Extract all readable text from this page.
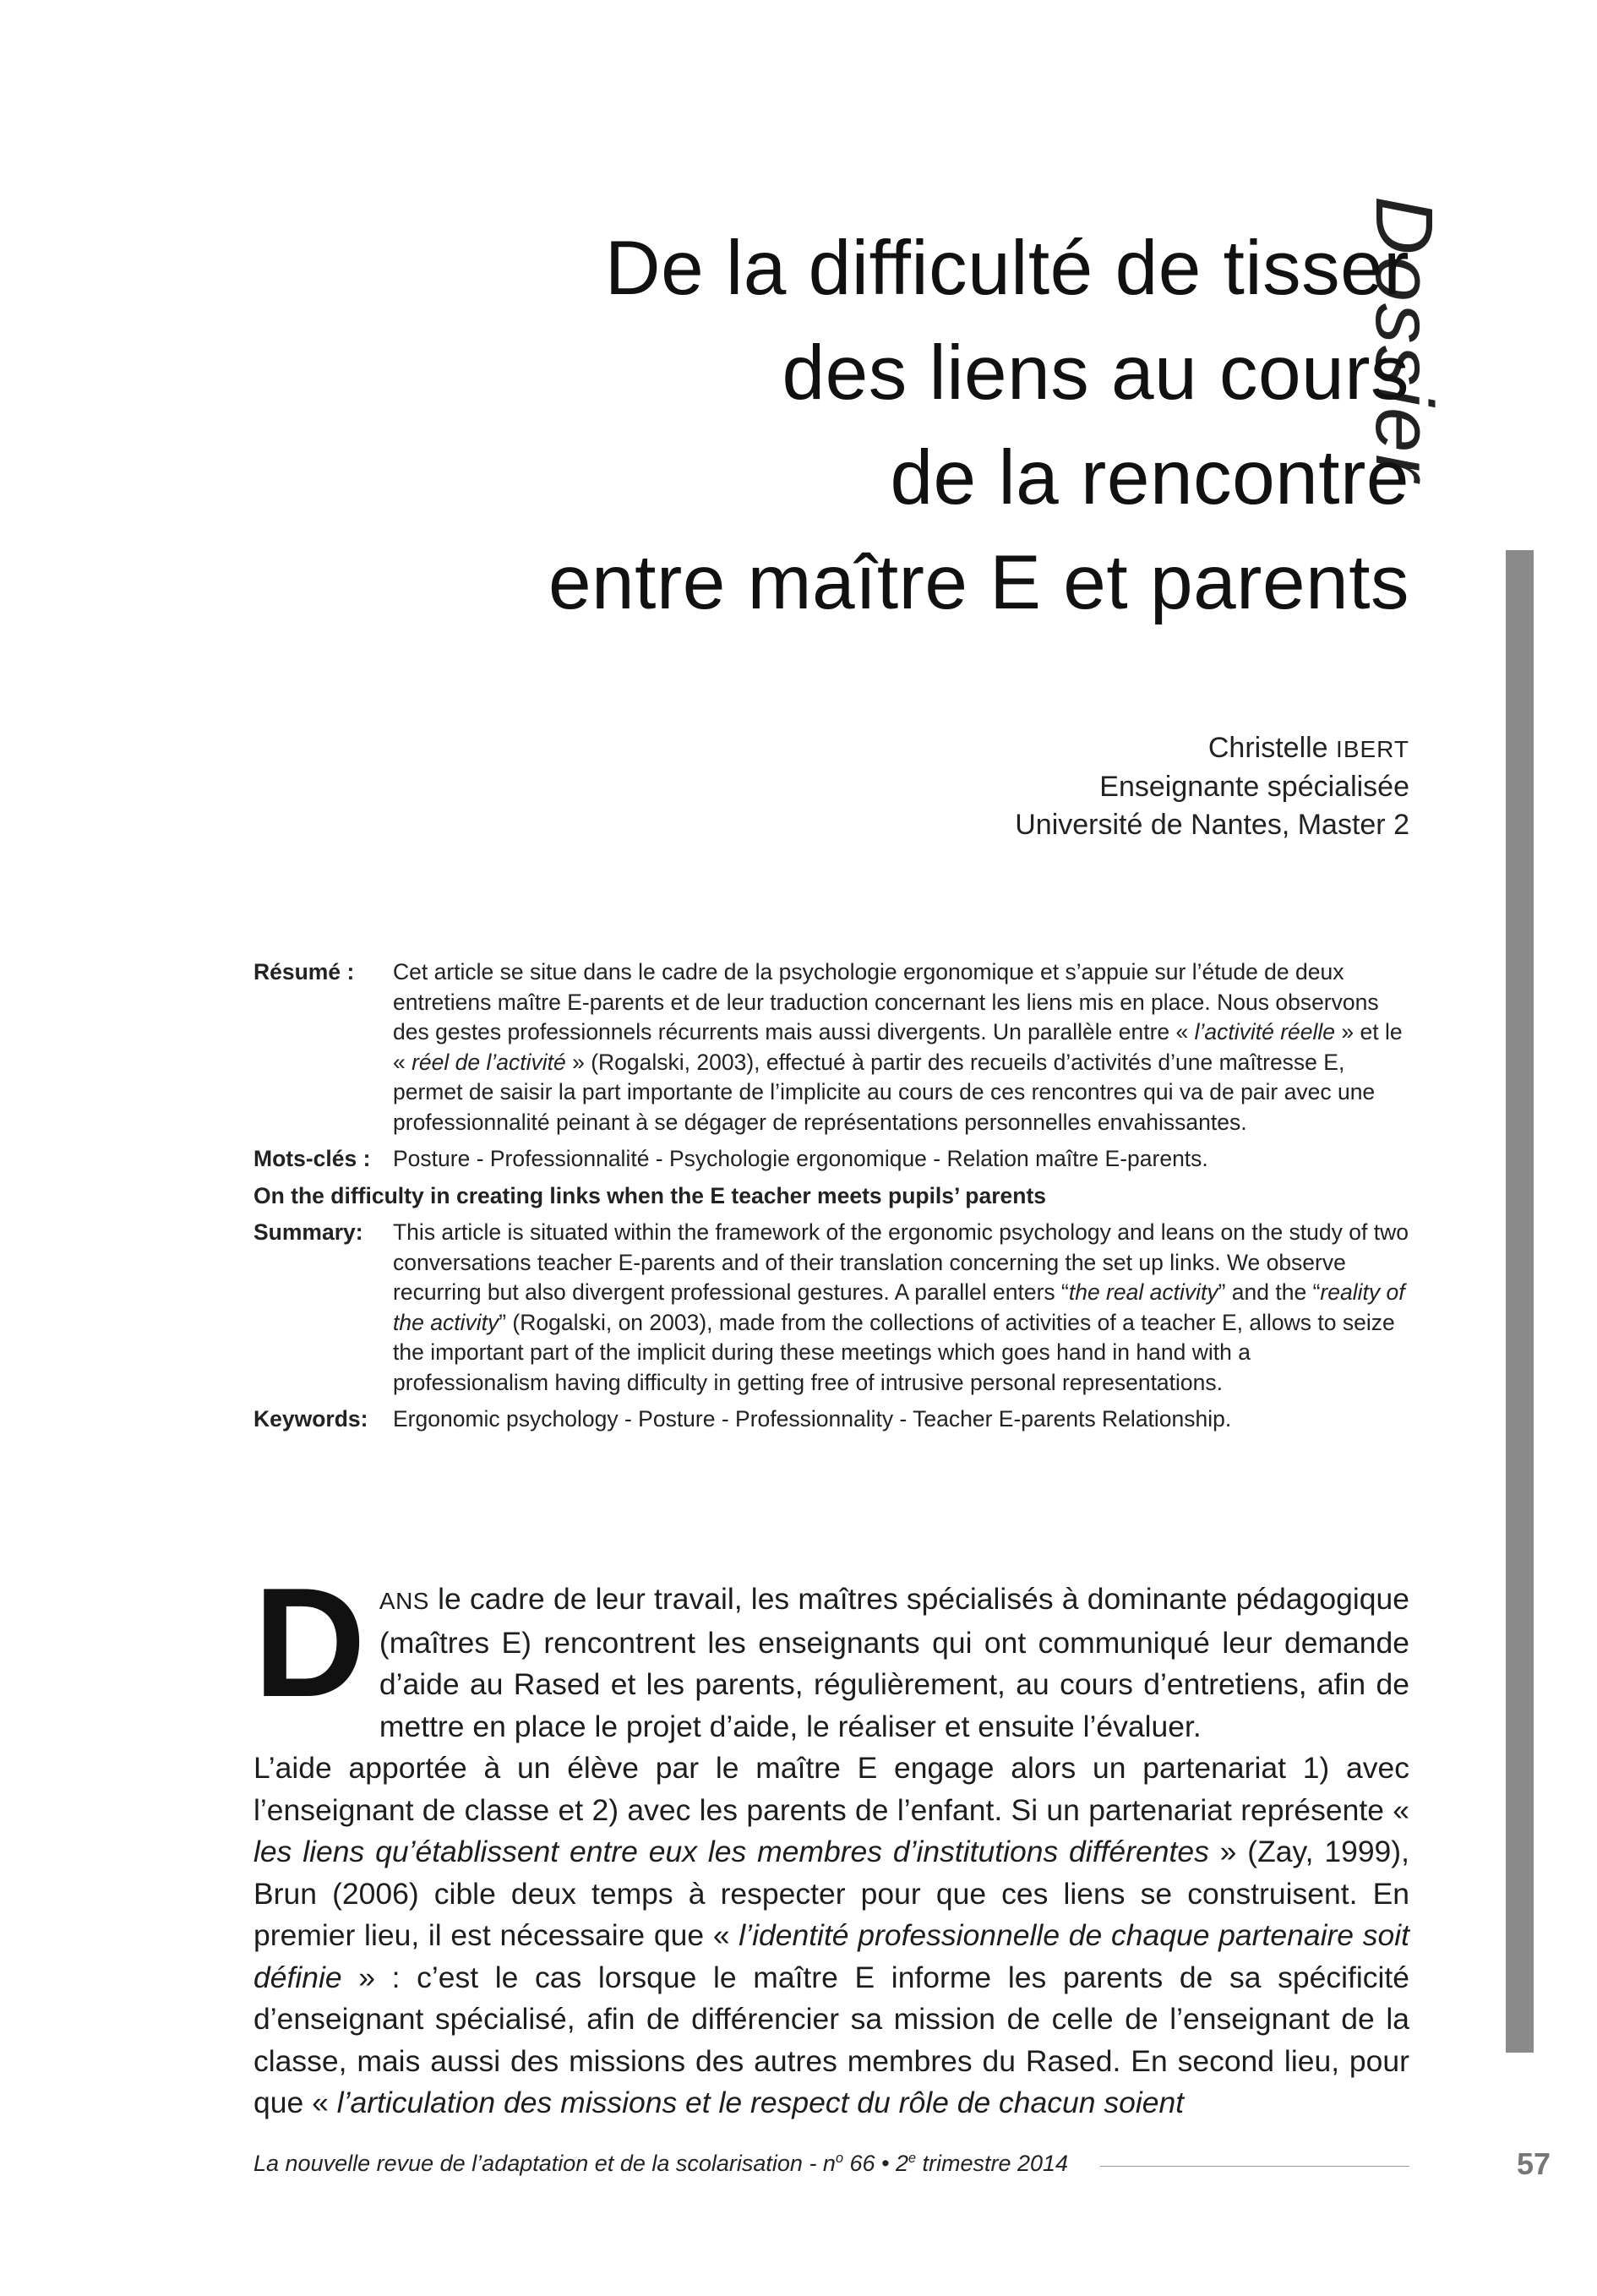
Dossier
De la difficulté de tisser
des liens au cours
de la rencontre
entre maître E et parents
Christelle IBERT
Enseignante spécialisée
Université de Nantes, Master 2
Résumé :	Cet article se situe dans le cadre de la psychologie ergonomique et s’appuie sur l’étude de deux entretiens maître E-parents et de leur traduction concernant les liens mis en place. Nous observons des gestes professionnels récurrents mais aussi divergents. Un parallèle entre « l’activité réelle » et le « réel de l’activité » (Rogalski, 2003), effectué à partir des recueils d’activités d’une maîtresse E, permet de saisir la part importante de l’implicite au cours de ces rencontres qui va de pair avec une professionnalité peinant à se dégager de représentations personnelles envahissantes.
Mots-clés :	Posture - Professionnalité - Psychologie ergonomique - Relation maître E-parents.
On the difficulty in creating links when the E teacher meets pupils’ parents
Summary:	This article is situated within the framework of the ergonomic psychology and leans on the study of two conversations teacher E-parents and of their translation concerning the set up links. We observe recurring but also divergent professional gestures. A parallel enters “the real activity” and the “reality of the activity” (Rogalski, on 2003), made from the collections of activities of a teacher E, allows to seize the important part of the implicit during these meetings which goes hand in hand with a professionalism having difficulty in getting free of intrusive personal representations.
Keywords:	Ergonomic psychology - Posture - Professionnality - Teacher E-parents Relationship.

DANS le cadre de leur travail, les maîtres spécialisés à dominante pédagogique (maîtres E) rencontrent les enseignants qui ont communiqué leur demande d’aide au Rased et les parents, régulièrement, au cours d’entretiens, afin de mettre en place le projet d’aide, le réaliser et ensuite l’évaluer.

L’aide apportée à un élève par le maître E engage alors un partenariat 1) avec l’enseignant de classe et 2) avec les parents de l’enfant. Si un partenariat représente « les liens qu’établissent entre eux les membres d’institutions différentes » (Zay, 1999), Brun (2006) cible deux temps à respecter pour que ces liens se construisent. En premier lieu, il est nécessaire que « l’identité professionnelle de chaque partenaire soit définie » : c’est le cas lorsque le maître E informe les parents de sa spécificité d’enseignant spécialisé, afin de différencier sa mission de celle de l’enseignant de la classe, mais aussi des missions des autres membres du Rased. En second lieu, pour que « l’articulation des missions et le respect du rôle de chacun soient

La nouvelle revue de l’adaptation et de la scolarisation - $n^o$ 66 • 2e trimestre 2014	57
